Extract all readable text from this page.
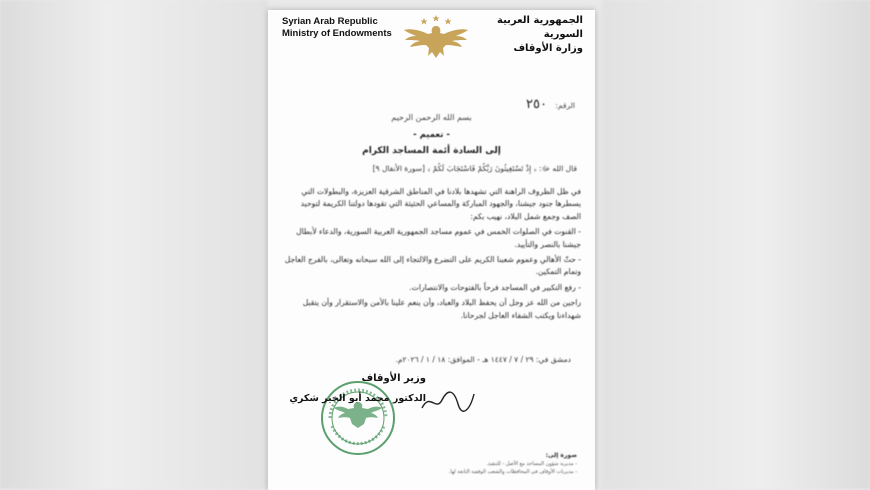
Syrian Arab Republic
Ministry of Endowments
الجمهورية العربية السورية
وزارة الأوقاف
الرقم: ٢٥٠
بسم الله الرحمن الرحيم
- تعميم -
إلى السادة أئمة المساجد الكرام
قال الله ﷻ: ﴿ إِذْ تَسْتَغِيثُونَ رَبَّكُمْ فَاسْتَجَابَ لَكُمْ ﴾ [سورة الأنفال ٩]

في ظل الظروف الراهنة التي تشهدها بلادنا في المناطق الشرقية العزيزة، والبطولات التي يسطرها جنود جيشنا، والجهود المباركة والمساعي الحثيثة التي تقودها دولتنا الكريمة لتوحيد الصف وجمع شمل البلاد، نهيب بكم:

- القنوت في الصلوات الخمس في عموم مساجد الجمهورية العربية السورية، والدعاء لأبطال جيشنا بالنصر والتأييد.

- حثّ الأهالي وعموم شعبنا الكريم على التضرع والالتجاء إلى الله سبحانه وتعالى، بالفرج العاجل وتمام التمكين.

- رفع التكبير في المساجد فرحاً بالفتوحات والانتصارات.

راجين من الله عز وجل أن يحفظ البلاد والعباد، وأن ينعم علينا بالأمن والاستقرار وأن يتقبل شهداءنا ويكتب الشفاء العاجل لجرحانا.

دمشق في: ٢٩ / ٧ / ١٤٤٧ هـ - الموافق: ١٨ / ١ / ٢٠٢٦م.
وزير الأوقاف
الدكتور محمد أبو الخير شكري
صورة إلى:
- مديرية شؤون المساجد مع الأصل - للتنفيذ.
- مديريات الأوقاف في المحافظات والشعب الوقفية التابعة لها.
